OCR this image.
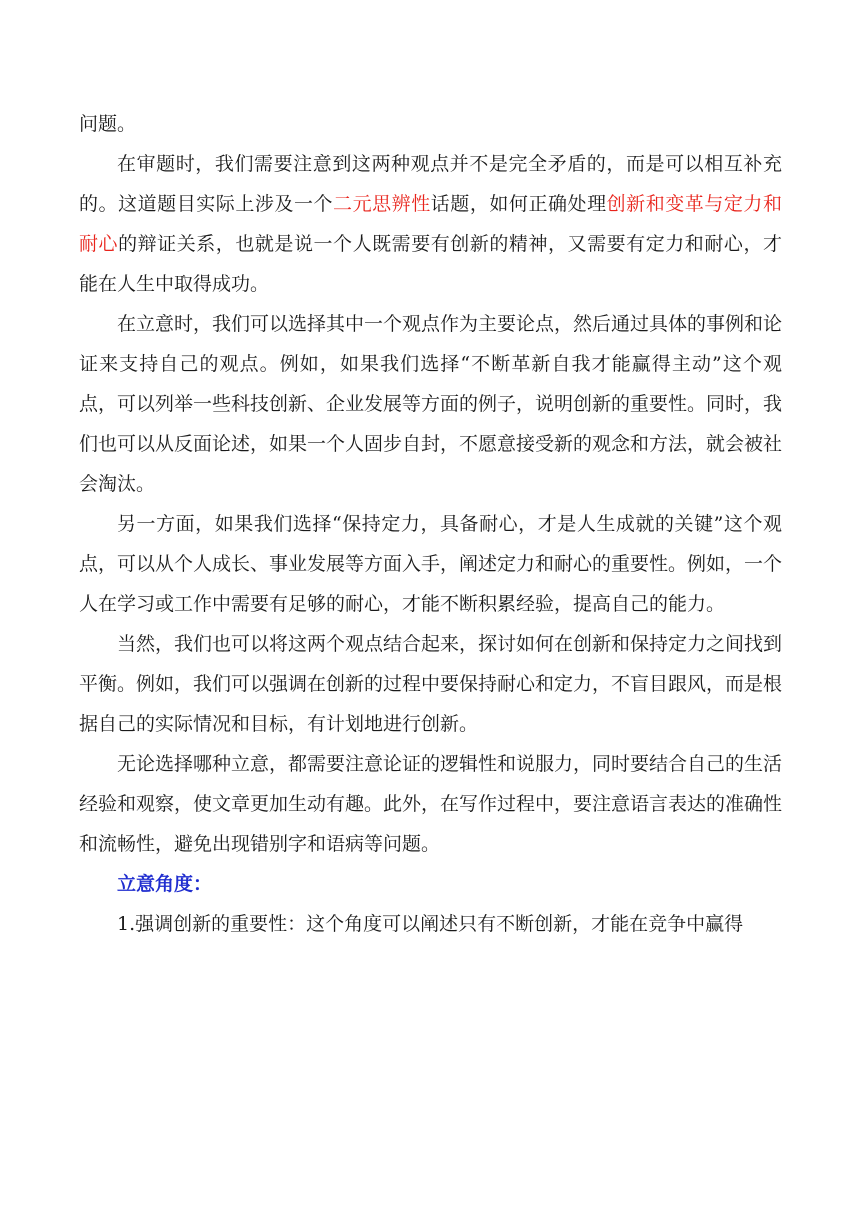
问题。

在审题时，我们需要注意到这两种观点并不是完全矛盾的，而是可以相互补充的。这道题目实际上涉及一个二元思辨性话题，如何正确处理创新和变革与定力和耐心的辩证关系，也就是说一个人既需要有创新的精神，又需要有定力和耐心，才能在人生中取得成功。

在立意时，我们可以选择其中一个观点作为主要论点，然后通过具体的事例和论证来支持自己的观点。例如，如果我们选择“不断革新自我才能赢得主动”这个观点，可以列举一些科技创新、企业发展等方面的例子，说明创新的重要性。同时，我们也可以从反面论述，如果一个人固步自封，不愿意接受新的观念和方法，就会被社会淘汰。

另一方面，如果我们选择“保持定力，具备耐心，才是人生成就的关键”这个观点，可以从个人成长、事业发展等方面入手，阐述定力和耐心的重要性。例如，一个人在学习或工作中需要有足够的耐心，才能不断积累经验，提高自己的能力。

当然，我们也可以将这两个观点结合起来，探讨如何在创新和保持定力之间找到平衡。例如，我们可以强调在创新的过程中要保持耐心和定力，不盲目跟风，而是根据自己的实际情况和目标，有计划地进行创新。

无论选择哪种立意，都需要注意论证的逻辑性和说服力，同时要结合自己的生活经验和观察，使文章更加生动有趣。此外，在写作过程中，要注意语言表达的准确性和流畅性，避免出现错别字和语病等问题。

立意角度：

1.强调创新的重要性：这个角度可以阐述只有不断创新，才能在竞争中赢得
